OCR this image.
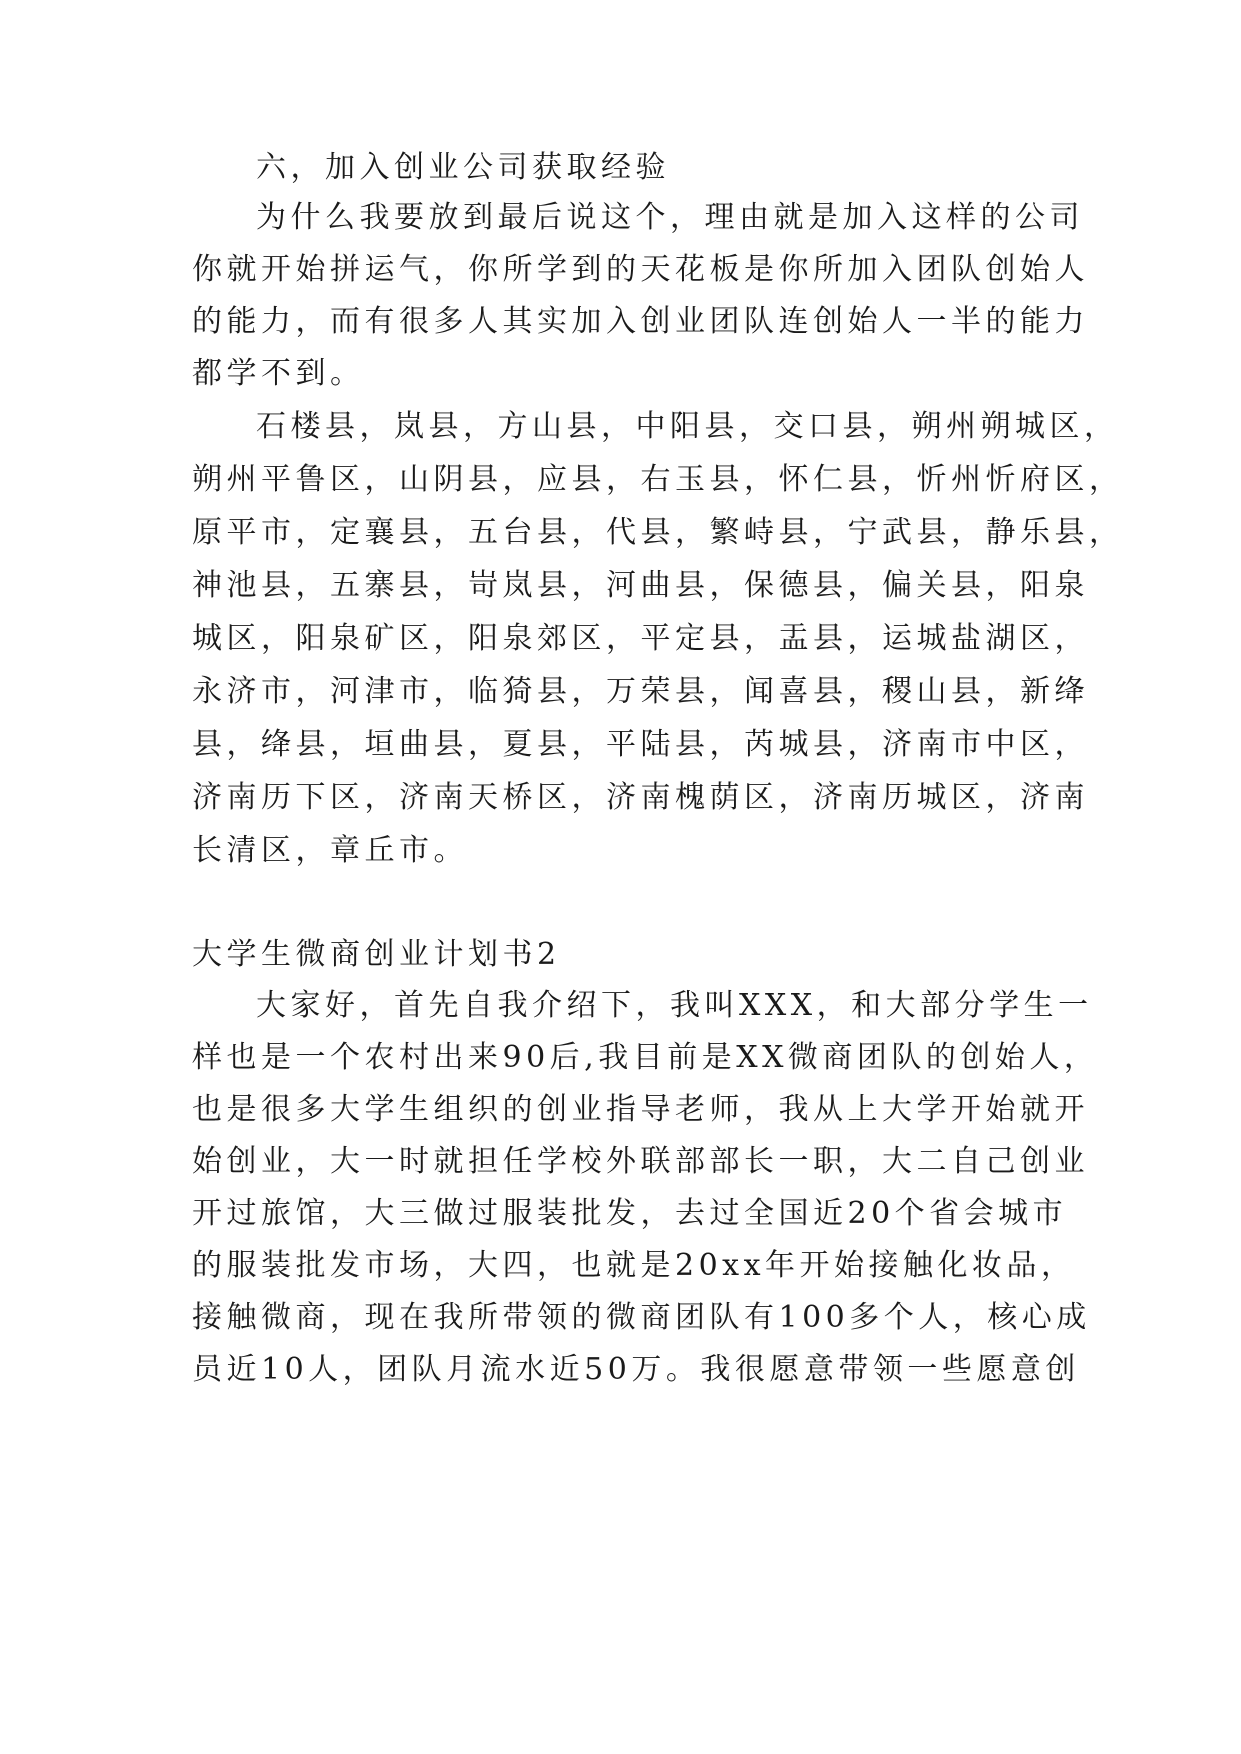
六，加入创业公司获取经验
为什么我要放到最后说这个，理由就是加入这样的公司
你就开始拼运气，你所学到的天花板是你所加入团队创始人
的能力，而有很多人其实加入创业团队连创始人一半的能力
都学不到。
石楼县，岚县，方山县，中阳县，交口县，朔州朔城区，
朔州平鲁区，山阴县，应县，右玉县，怀仁县，忻州忻府区，
原平市，定襄县，五台县，代县，繁峙县，宁武县，静乐县，
神池县，五寨县，岢岚县，河曲县，保德县，偏关县，阳泉
城区，阳泉矿区，阳泉郊区，平定县，盂县，运城盐湖区，
永济市，河津市，临猗县，万荣县，闻喜县，稷山县，新绛
县，绛县，垣曲县，夏县，平陆县，芮城县，济南市中区，
济南历下区，济南天桥区，济南槐荫区，济南历城区，济南
长清区，章丘市。
大学生微商创业计划书2
大家好，首先自我介绍下，我叫XXX，和大部分学生一
样也是一个农村出来90后,我目前是XX微商团队的创始人，
也是很多大学生组织的创业指导老师，我从上大学开始就开
始创业，大一时就担任学校外联部部长一职，大二自己创业
开过旅馆，大三做过服装批发，去过全国近20个省会城市
的服装批发市场，大四，也就是20xx年开始接触化妆品，
接触微商，现在我所带领的微商团队有100多个人，核心成
员近10人，团队月流水近50万。我很愿意带领一些愿意创
